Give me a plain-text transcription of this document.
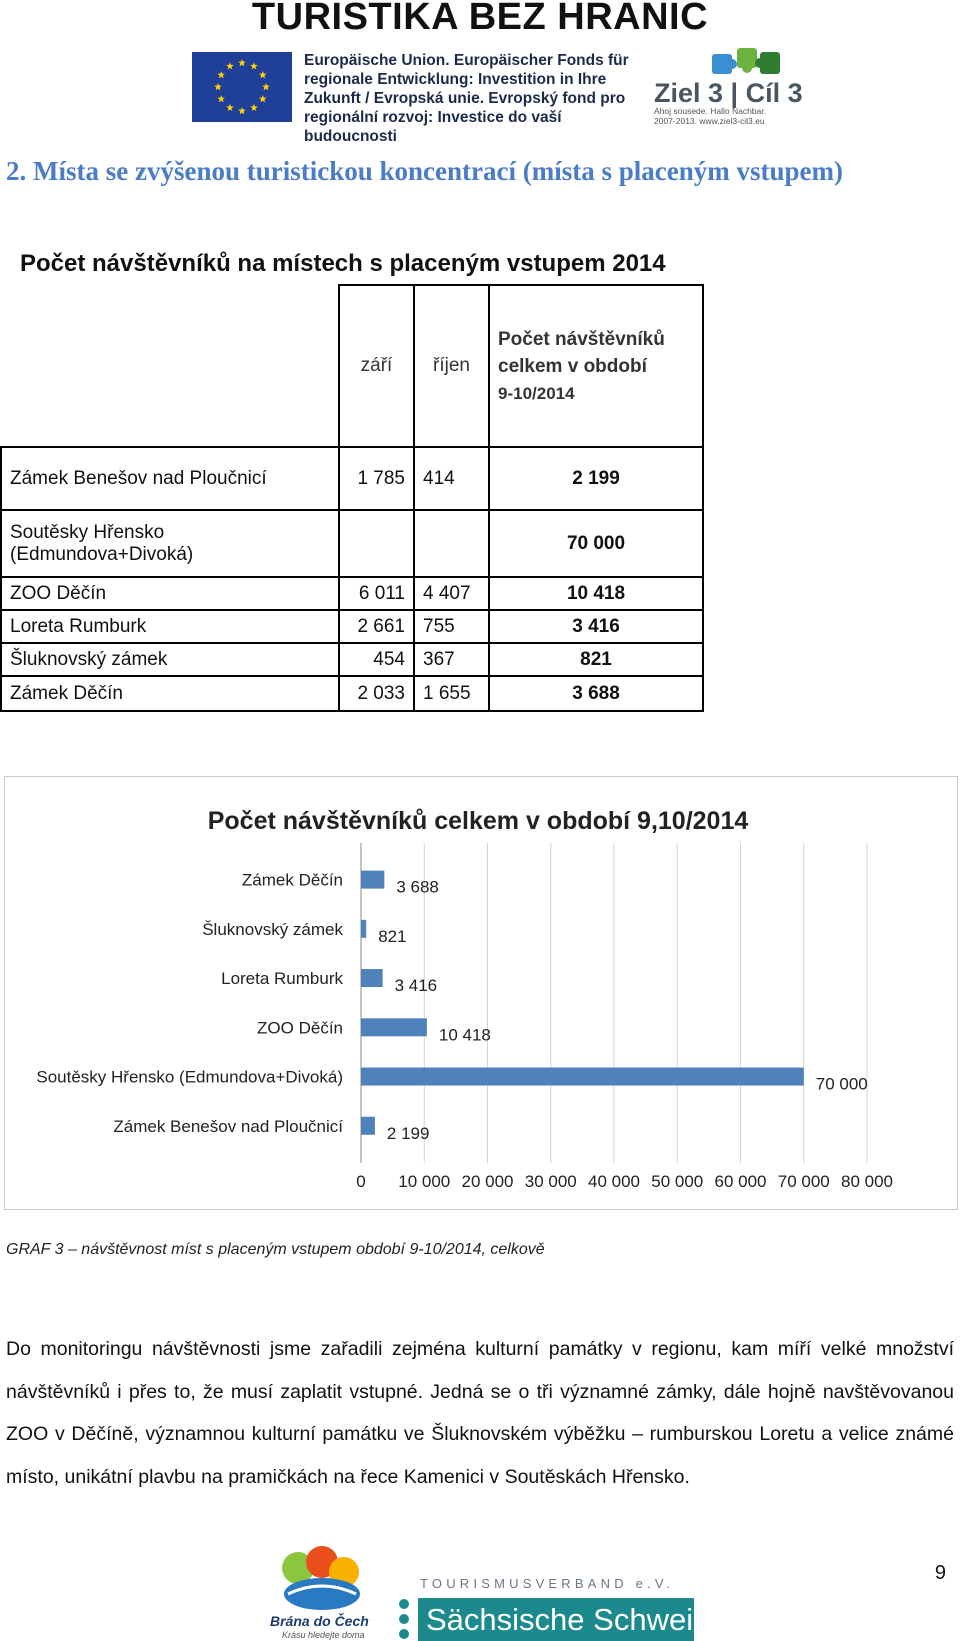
TURISTIKA BEZ HRANIC
Europäische Union. Europäischer Fonds für
regionale Entwicklung: Investition in Ihre
Zukunft / Evropská unie. Evropský fond pro
regionální rozvoj: Investice do vaší budoucnosti
Ziel 3 | Cíl 3
Ahoj sousede. Hallo Nachbar.
2007-2013. www.ziel3-cil3.eu
2. Místa se zvýšenou turistickou koncentrací (místa s placeným vstupem)
Počet návštěvníků na místech s placeným vstupem 2014
	září	říjen	Počet návštěvníků celkem v období
9-10/2014

Zámek Benešov nad Ploučnicí	1 785	414	2 199

Soutěsky Hřensko
(Edmundova+Divoká)			70 000
ZOO Děčín	6 011	4 407	10 418
Loreta Rumburk	2 661	755	3 416
Šluknovský zámek	454	367	821
Zámek Děčín	2 033	1 655	3 688
Počet návštěvníků celkem v období 9,10/2014
Zámek Děčín
Šluknovský zámek
Loreta Rumburk
ZOO Děčín
Soutěsky Hřensko (Edmundova+Divoká)
Zámek Benešov nad Ploučnicí
3 688
821
3 416
10 418
70 000
2 199
0 10 000 20 000 30 000 40 000 50 000 60 000 70 000 80 000
GRAF 3 – návštěvnost míst s placeným vstupem období 9-10/2014, celkově
Do monitoringu návštěvnosti jsme zařadili zejména kulturní památky v regionu, kam míří velké množství návštěvníků i přes to, že musí zaplatit vstupné. Jedná se o tři významné zámky, dále hojně navštěvovanou ZOO v Děčíně, významnou kulturní památku ve Šluknovském výběžku – rumburskou Loretu a velice známé místo, unikátní plavbu na pramičkách na řece Kamenici v Soutěskách Hřensko.
9
Brána do Čech
Krásu hledejte doma
TOURISMUSVERBAND e.V.
Sächsische Schweiz
